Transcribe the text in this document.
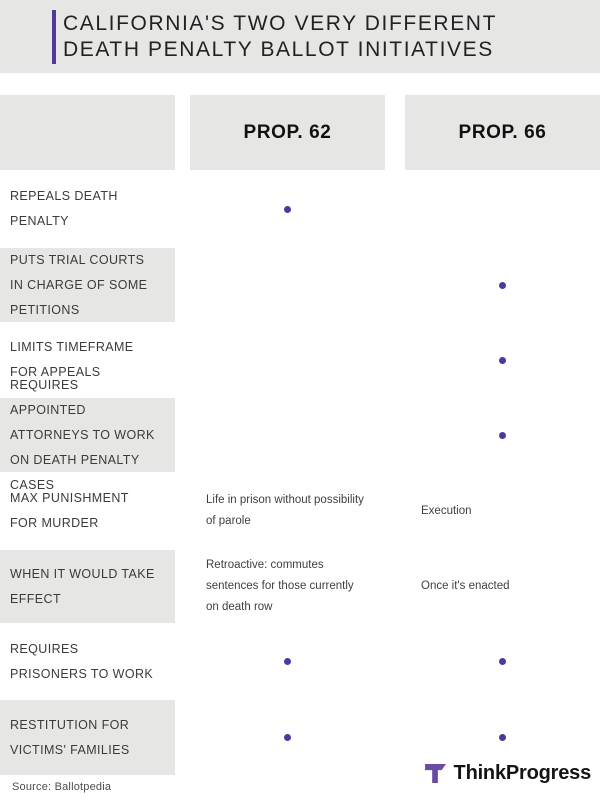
CALIFORNIA'S TWO VERY DIFFERENT
DEATH PENALTY BALLOT INITIATIVES
PROP. 62	PROP. 66
REPEALS DEATH PENALTY
PUTS TRIAL COURTS IN CHARGE OF SOME PETITIONS
LIMITS TIMEFRAME FOR APPEALS
REQUIRES APPOINTED ATTORNEYS TO WORK ON DEATH PENALTY CASES
MAX PUNISHMENT FOR MURDER
Life in prison without possibility of parole
Execution
WHEN IT WOULD TAKE EFFECT
Retroactive: commutes sentences for those currently on death row
Once it's enacted
REQUIRES PRISONERS TO WORK
RESTITUTION FOR VICTIMS' FAMILIES
Source: Ballotpedia
ThinkProgress
